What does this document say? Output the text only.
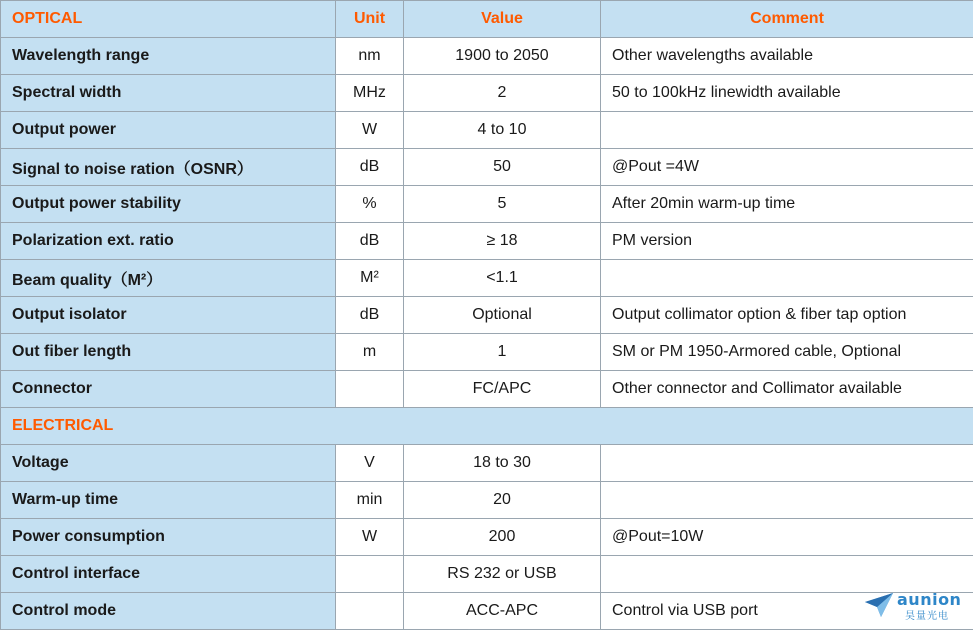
OPTICAL	Unit	Value	Comment
Wavelength range	nm	1900 to 2050	Other wavelengths available
Spectral width	MHz	2	50 to 100kHz linewidth available
Output power	W	4 to 10	
Signal to noise ration（OSNR）	dB	50	@Pout =4W
Output power stability	%	5	After 20min warm-up time
Polarization ext. ratio	dB	≥ 18	PM version
Beam quality（M²）	M²	<1.1	
Output isolator	dB	Optional	Output collimator option & fiber tap option
Out fiber length	m	1	SM or PM 1950-Armored cable, Optional
Connector		FC/APC	Other connector and Collimator available
ELECTRICAL			
Voltage	V	18 to 30	
Warm-up time	min	20	
Power consumption	W	200	@Pout=10W
Control interface		RS 232 or USB	
Control mode		ACC-APC	Control via USB port
aunion
昊量光电
